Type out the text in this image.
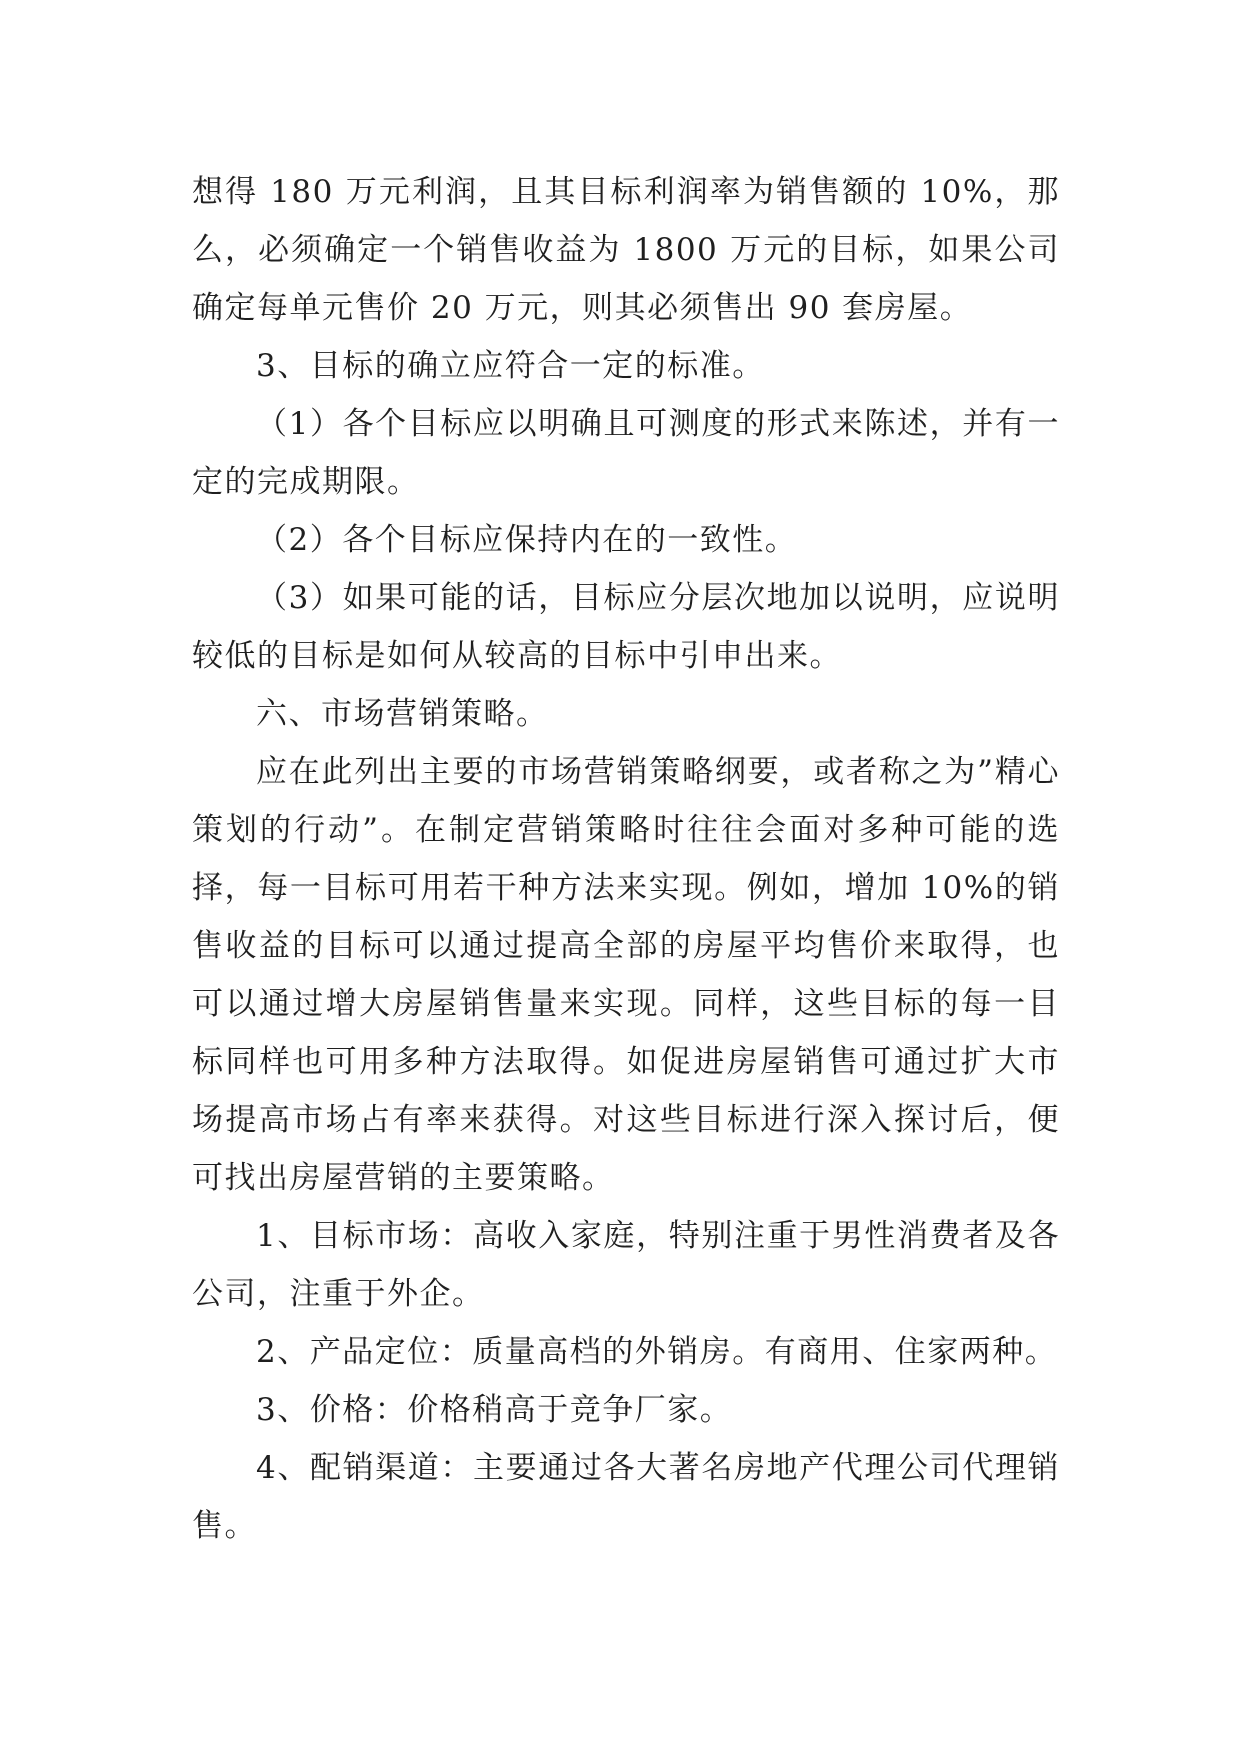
想得 180 万元利润，且其目标利润率为销售额的 10%，那么，必须确定一个销售收益为 1800 万元的目标，如果公司确定每单元售价 20 万元，则其必须售出 90 套房屋。

3、目标的确立应符合一定的标准。

（1）各个目标应以明确且可测度的形式来陈述，并有一定的完成期限。

（2）各个目标应保持内在的一致性。

（3）如果可能的话，目标应分层次地加以说明，应说明较低的目标是如何从较高的目标中引申出来。

六、市场营销策略。

应在此列出主要的市场营销策略纲要，或者称之为”精心策划的行动”。在制定营销策略时往往会面对多种可能的选择，每一目标可用若干种方法来实现。例如，增加 10%的销售收益的目标可以通过提高全部的房屋平均售价来取得，也可以通过增大房屋销售量来实现。同样，这些目标的每一目标同样也可用多种方法取得。如促进房屋销售可通过扩大市场提高市场占有率来获得。对这些目标进行深入探讨后，便可找出房屋营销的主要策略。

1、目标市场：高收入家庭，特别注重于男性消费者及各公司，注重于外企。

2、产品定位：质量高档的外销房。有商用、住家两种。

3、价格：价格稍高于竞争厂家。

4、配销渠道：主要通过各大著名房地产代理公司代理销售。
